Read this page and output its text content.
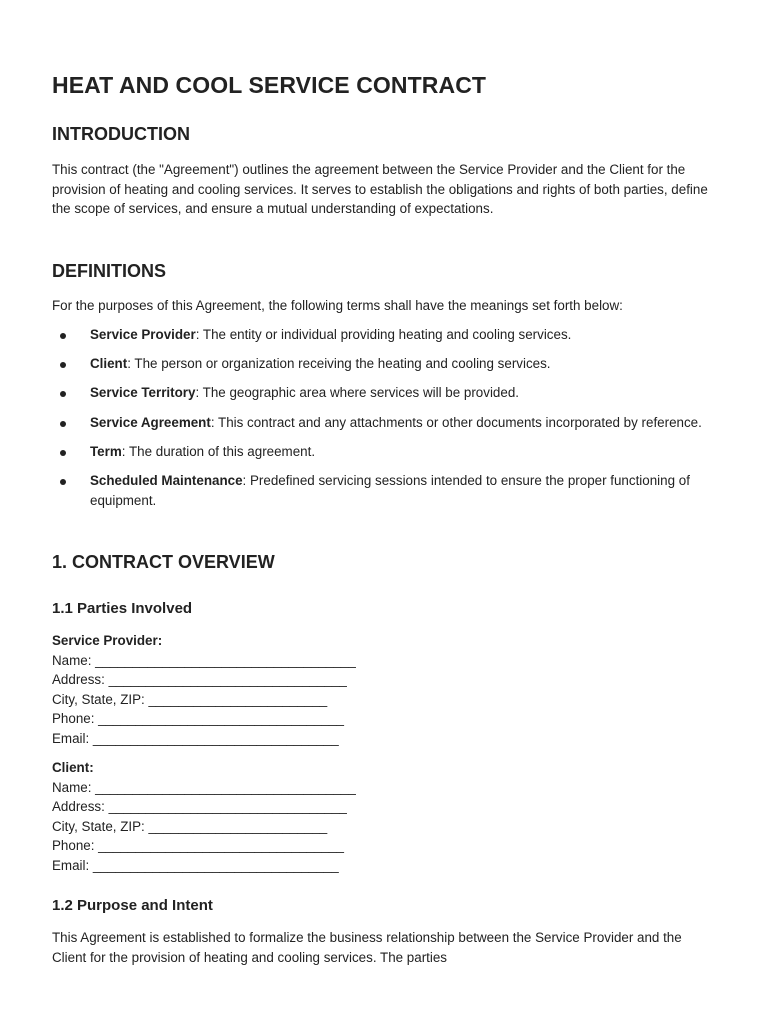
HEAT AND COOL SERVICE CONTRACT
INTRODUCTION

This contract (the "Agreement") outlines the agreement between the Service Provider and the Client for the provision of heating and cooling services. It serves to establish the obligations and rights of both parties, define the scope of services, and ensure a mutual understanding of expectations.

DEFINITIONS

For the purposes of this Agreement, the following terms shall have the meanings set forth below:

Service Provider: The entity or individual providing heating and cooling services.
Client: The person or organization receiving the heating and cooling services.
Service Territory: The geographic area where services will be provided.
Service Agreement: This contract and any attachments or other documents incorporated by reference.
Term: The duration of this agreement.
Scheduled Maintenance: Predefined servicing sessions intended to ensure the proper functioning of equipment.
1. CONTRACT OVERVIEW
1.1 Parties Involved
Service Provider:
Name: ___________________________________
Address: ________________________________
City, State, ZIP: ________________________
Phone: _________________________________
Email: _________________________________
Client:
Name: ___________________________________
Address: ________________________________
City, State, ZIP: ________________________
Phone: _________________________________
Email: _________________________________
1.2 Purpose and Intent

This Agreement is established to formalize the business relationship between the Service Provider and the Client for the provision of heating and cooling services. The parties
